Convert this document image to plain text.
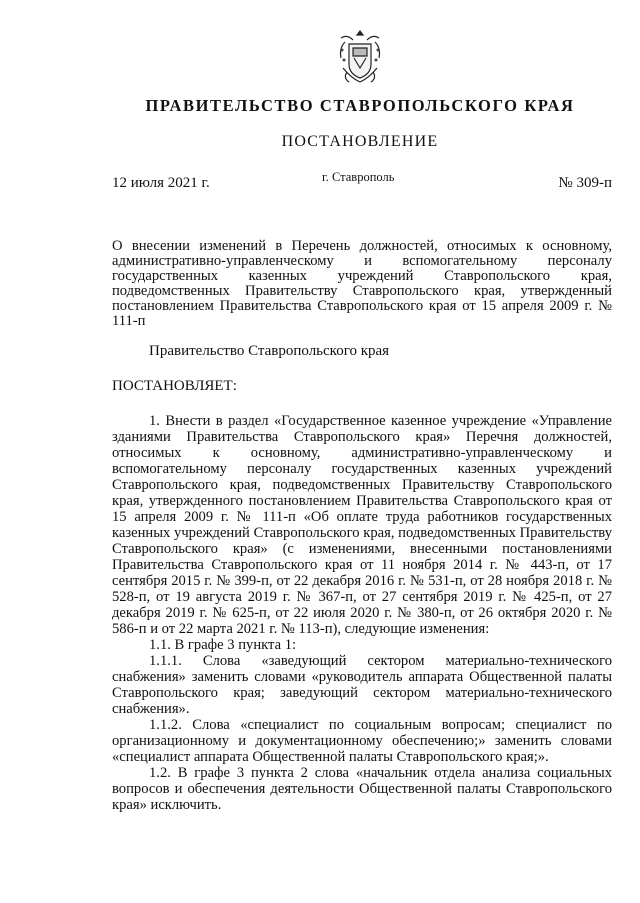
ПРАВИТЕЛЬСТВО СТАВРОПОЛЬСКОГО КРАЯ
ПОСТАНОВЛЕНИЕ
12 июля 2021 г.	г. Ставрополь	№ 309-п
О внесении изменений в Перечень должностей, относимых к основному, административно-управленческому и вспомогательному персоналу государственных казенных учреждений Ставропольского края, подведомственных Правительству Ставропольского края, утвержденный постановлением Правительства Ставропольского края от 15 апреля 2009 г. № 111-п
Правительство Ставропольского края
ПОСТАНОВЛЯЕТ:

1. Внести в раздел «Государственное казенное учреждение «Управление зданиями Правительства Ставропольского края» Перечня должностей, относимых к основному, административно-управленческому и вспомогательному персоналу государственных казенных учреждений Ставропольского края, подведомственных Правительству Ставропольского края, утвержденного постановлением Правительства Ставропольского края от 15 апреля 2009 г. № 111-п «Об оплате труда работников государственных казенных учреждений Ставропольского края, подведомственных Правительству Ставропольского края» (с изменениями, внесенными постановлениями Правительства Ставропольского края от 11 ноября 2014 г. № 443-п, от 17 сентября 2015 г. № 399-п, от 22 декабря 2016 г. № 531-п, от 28 ноября 2018 г. № 528-п, от 19 августа 2019 г. № 367-п, от 27 сентября 2019 г. № 425-п, от 27 декабря 2019 г. № 625-п, от 22 июля 2020 г. № 380-п, от 26 октября 2020 г. № 586-п и от 22 марта 2021 г. № 113-п), следующие изменения:

1.1. В графе 3 пункта 1:

1.1.1. Слова «заведующий сектором материально-технического снабжения» заменить словами «руководитель аппарата Общественной палаты Ставропольского края; заведующий сектором материально-технического снабжения».

1.1.2. Слова «специалист по социальным вопросам; специалист по организационному и документационному обеспечению;» заменить словами «специалист аппарата Общественной палаты Ставропольского края;».

1.2. В графе 3 пункта 2 слова «начальник отдела анализа социальных вопросов и обеспечения деятельности Общественной палаты Ставропольского края» исключить.
